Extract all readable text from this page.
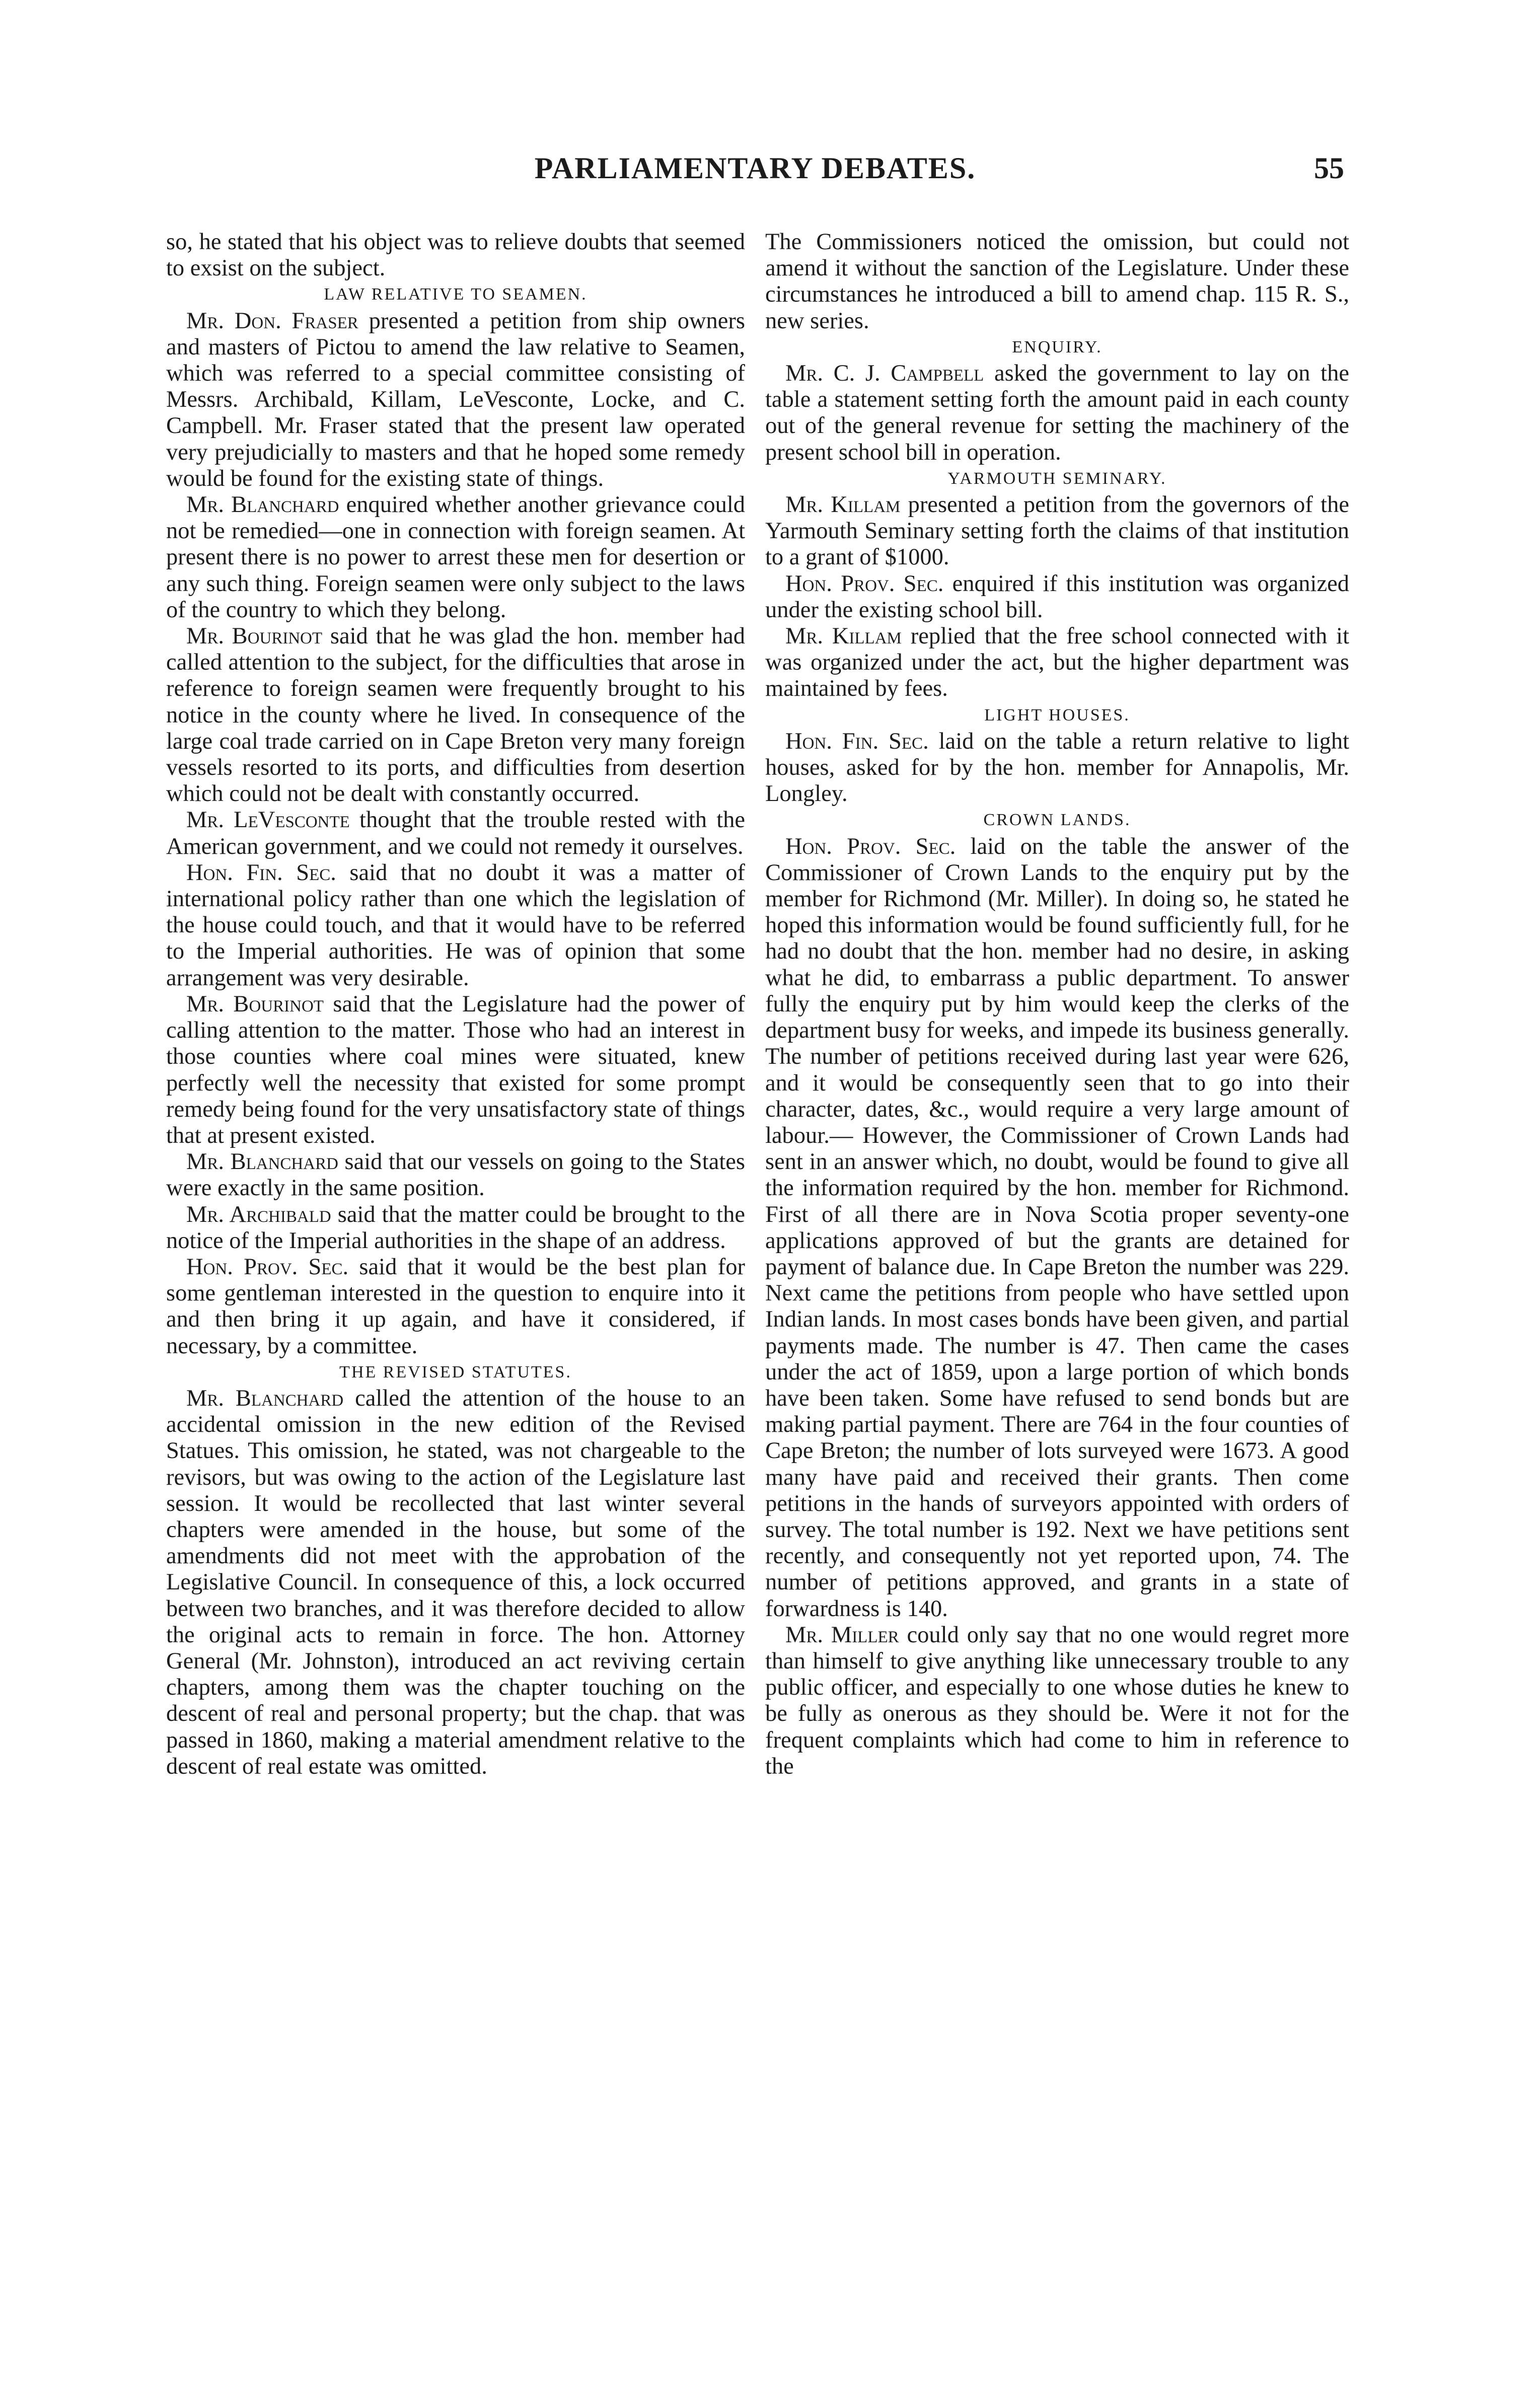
PARLIAMENTARY DEBATES.	55

so, he stated that his object was to relieve doubts that seemed to exsist on the subject.

LAW RELATIVE TO SEAMEN.

Mr. Don. Fraser presented a petition from ship owners and masters of Pictou to amend the law relative to Seamen, which was referred to a special committee consisting of Messrs. Archibald, Killam, LeVesconte, Locke, and C. Campbell. Mr. Fraser stated that the present law operated very prejudicially to masters and that he hoped some remedy would be found for the existing state of things.

Mr. Blanchard enquired whether another grievance could not be remedied—one in connection with foreign seamen. At present there is no power to arrest these men for desertion or any such thing. Foreign seamen were only subject to the laws of the country to which they belong.

Mr. Bourinot said that he was glad the hon. member had called attention to the subject, for the difficulties that arose in reference to foreign seamen were frequently brought to his notice in the county where he lived. In consequence of the large coal trade carried on in Cape Breton very many foreign vessels resorted to its ports, and difficulties from desertion which could not be dealt with constantly occurred.

Mr. LeVesconte thought that the trouble rested with the American government, and we could not remedy it ourselves.

Hon. Fin. Sec. said that no doubt it was a matter of international policy rather than one which the legislation of the house could touch, and that it would have to be referred to the Imperial authorities. He was of opinion that some arrangement was very desirable.

Mr. Bourinot said that the Legislature had the power of calling attention to the matter. Those who had an interest in those counties where coal mines were situated, knew perfectly well the necessity that existed for some prompt remedy being found for the very unsatisfactory state of things that at present existed.

Mr. Blanchard said that our vessels on going to the States were exactly in the same position.

Mr. Archibald said that the matter could be brought to the notice of the Imperial authorities in the shape of an address.

Hon. Prov. Sec. said that it would be the best plan for some gentleman interested in the question to enquire into it and then bring it up again, and have it considered, if necessary, by a committee.

THE REVISED STATUTES.

Mr. Blanchard called the attention of the house to an accidental omission in the new edition of the Revised Statues. This omission, he stated, was not chargeable to the revisors, but was owing to the action of the Legislature last session. It would be recollected that last winter several chapters were amended in the house, but some of the amendments did not meet with the approbation of the Legislative Council. In consequence of this, a lock occurred between two branches, and it was therefore decided to allow the original acts to remain in force. The hon. Attorney General (Mr. Johnston), introduced an act reviving certain chapters, among them was the chapter touching on the descent of real and personal property; but the chap. that was passed in 1860, making a material amendment relative to the descent of real estate was omitted.

The Commissioners noticed the omission, but could not amend it without the sanction of the Legislature. Under these circumstances he introduced a bill to amend chap. 115 R. S., new series.

ENQUIRY.

Mr. C. J. Campbell asked the government to lay on the table a statement setting forth the amount paid in each county out of the general revenue for setting the machinery of the present school bill in operation.

YARMOUTH SEMINARY.

Mr. Killam presented a petition from the governors of the Yarmouth Seminary setting forth the claims of that institution to a grant of $1000.

Hon. Prov. Sec. enquired if this institution was organized under the existing school bill.

Mr. Killam replied that the free school connected with it was organized under the act, but the higher department was maintained by fees.

LIGHT HOUSES.

Hon. Fin. Sec. laid on the table a return relative to light houses, asked for by the hon. member for Annapolis, Mr. Longley.

CROWN LANDS.

Hon. Prov. Sec. laid on the table the answer of the Commissioner of Crown Lands to the enquiry put by the member for Richmond (Mr. Miller). In doing so, he stated he hoped this information would be found sufficiently full, for he had no doubt that the hon. member had no desire, in asking what he did, to embarrass a public department. To answer fully the enquiry put by him would keep the clerks of the department busy for weeks, and impede its business generally. The number of petitions received during last year were 626, and it would be consequently seen that to go into their character, dates, &c., would require a very large amount of labour.— However, the Commissioner of Crown Lands had sent in an answer which, no doubt, would be found to give all the information required by the hon. member for Richmond. First of all there are in Nova Scotia proper seventy-one applications approved of but the grants are detained for payment of balance due. In Cape Breton the number was 229. Next came the petitions from people who have settled upon Indian lands. In most cases bonds have been given, and partial payments made. The number is 47. Then came the cases under the act of 1859, upon a large portion of which bonds have been taken. Some have refused to send bonds but are making partial payment. There are 764 in the four counties of Cape Breton; the number of lots surveyed were 1673. A good many have paid and received their grants. Then come petitions in the hands of surveyors appointed with orders of survey. The total number is 192. Next we have petitions sent recently, and consequently not yet reported upon, 74. The number of petitions approved, and grants in a state of forwardness is 140.

Mr. Miller could only say that no one would regret more than himself to give anything like unnecessary trouble to any public officer, and especially to one whose duties he knew to be fully as onerous as they should be. Were it not for the frequent complaints which had come to him in reference to the
